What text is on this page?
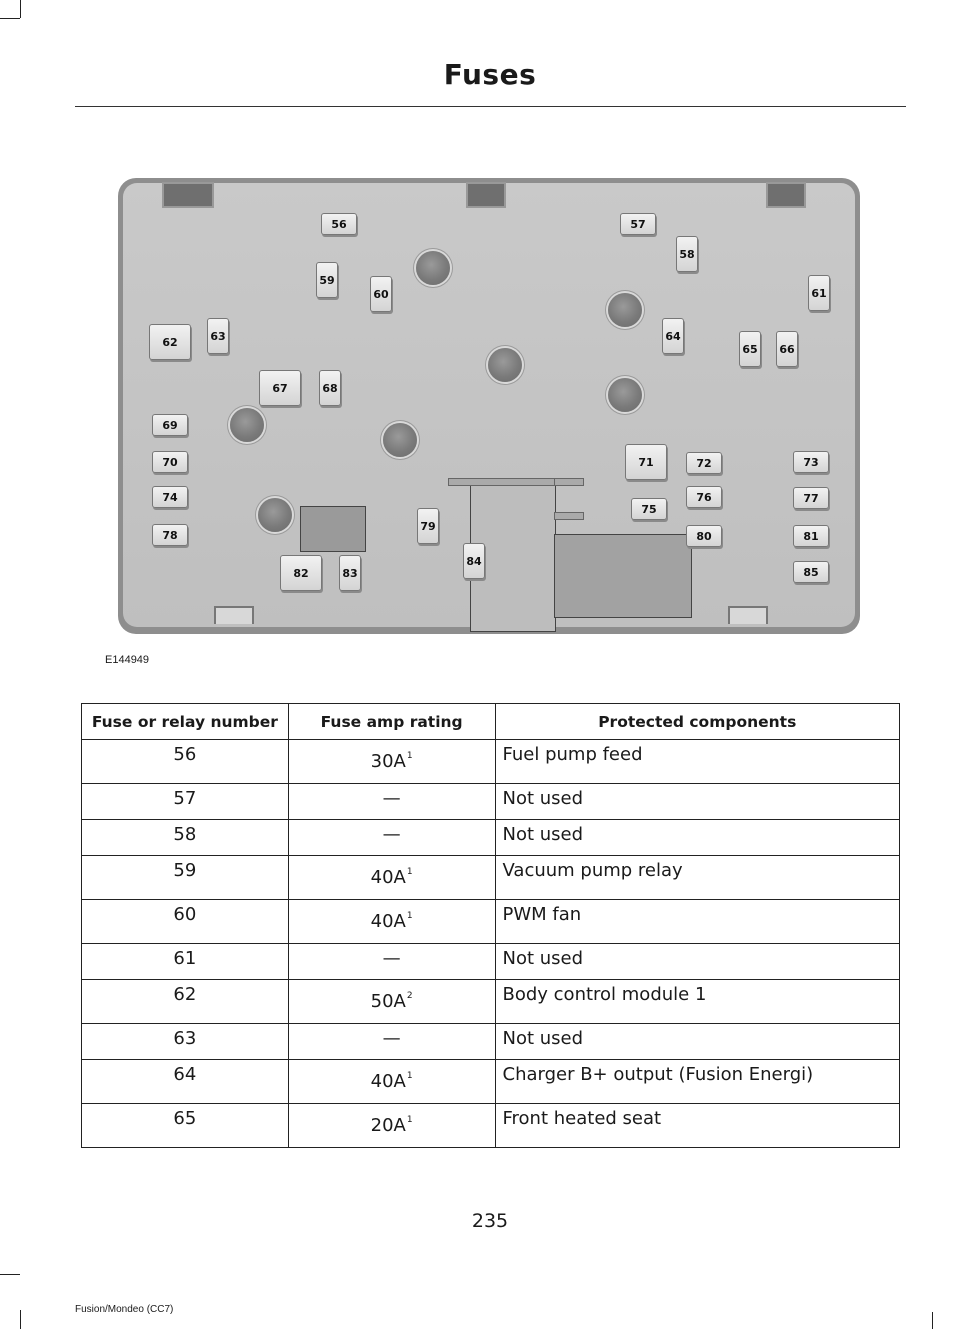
Fuses
56	57
58
59
60	61
62	63	64
65	66
67	68
69
70	71	72	73
74
75
76	77
78
79
80	81
82	83
84
85
E144949
Fuse or relay number	Fuse amp rating	Protected components
56	30A$^1$	Fuel pump feed
57	—	Not used
58	—	Not used
59	40A$^1$	Vacuum pump relay
60	40A$^1$	PWM fan
61	—	Not used
62	50A$^2$	Body control module 1
63	—	Not used
64	40A$^1$	Charger B+ output (Fusion Energi)
65	20A$^1$	Front heated seat
235
Fusion/Mondeo (CC7)
